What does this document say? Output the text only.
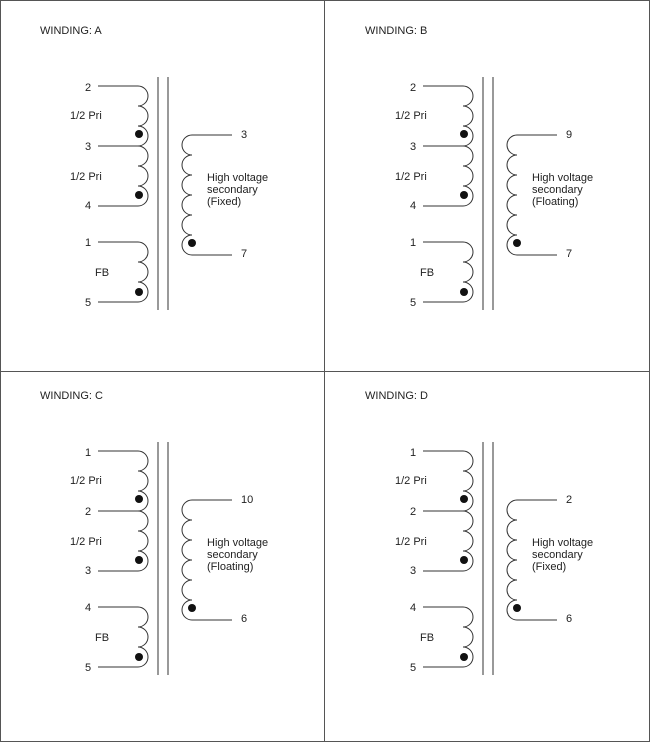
WINDING: A
2
3
4
1/2 Pri
1/2 Pri
1
5
FB
3
7
High voltage
secondary
(Fixed)
WINDING: B
2
3
4
1/2 Pri
1/2 Pri
1
5
FB
9
7
High voltage
secondary
(Floating)
WINDING: C
1
2
3
1/2 Pri
1/2 Pri
4
5
FB
10
6
High voltage
secondary
(Floating)
WINDING: D
1
2
3
1/2 Pri
1/2 Pri
4
5
FB
2
6
High voltage
secondary
(Fixed)
